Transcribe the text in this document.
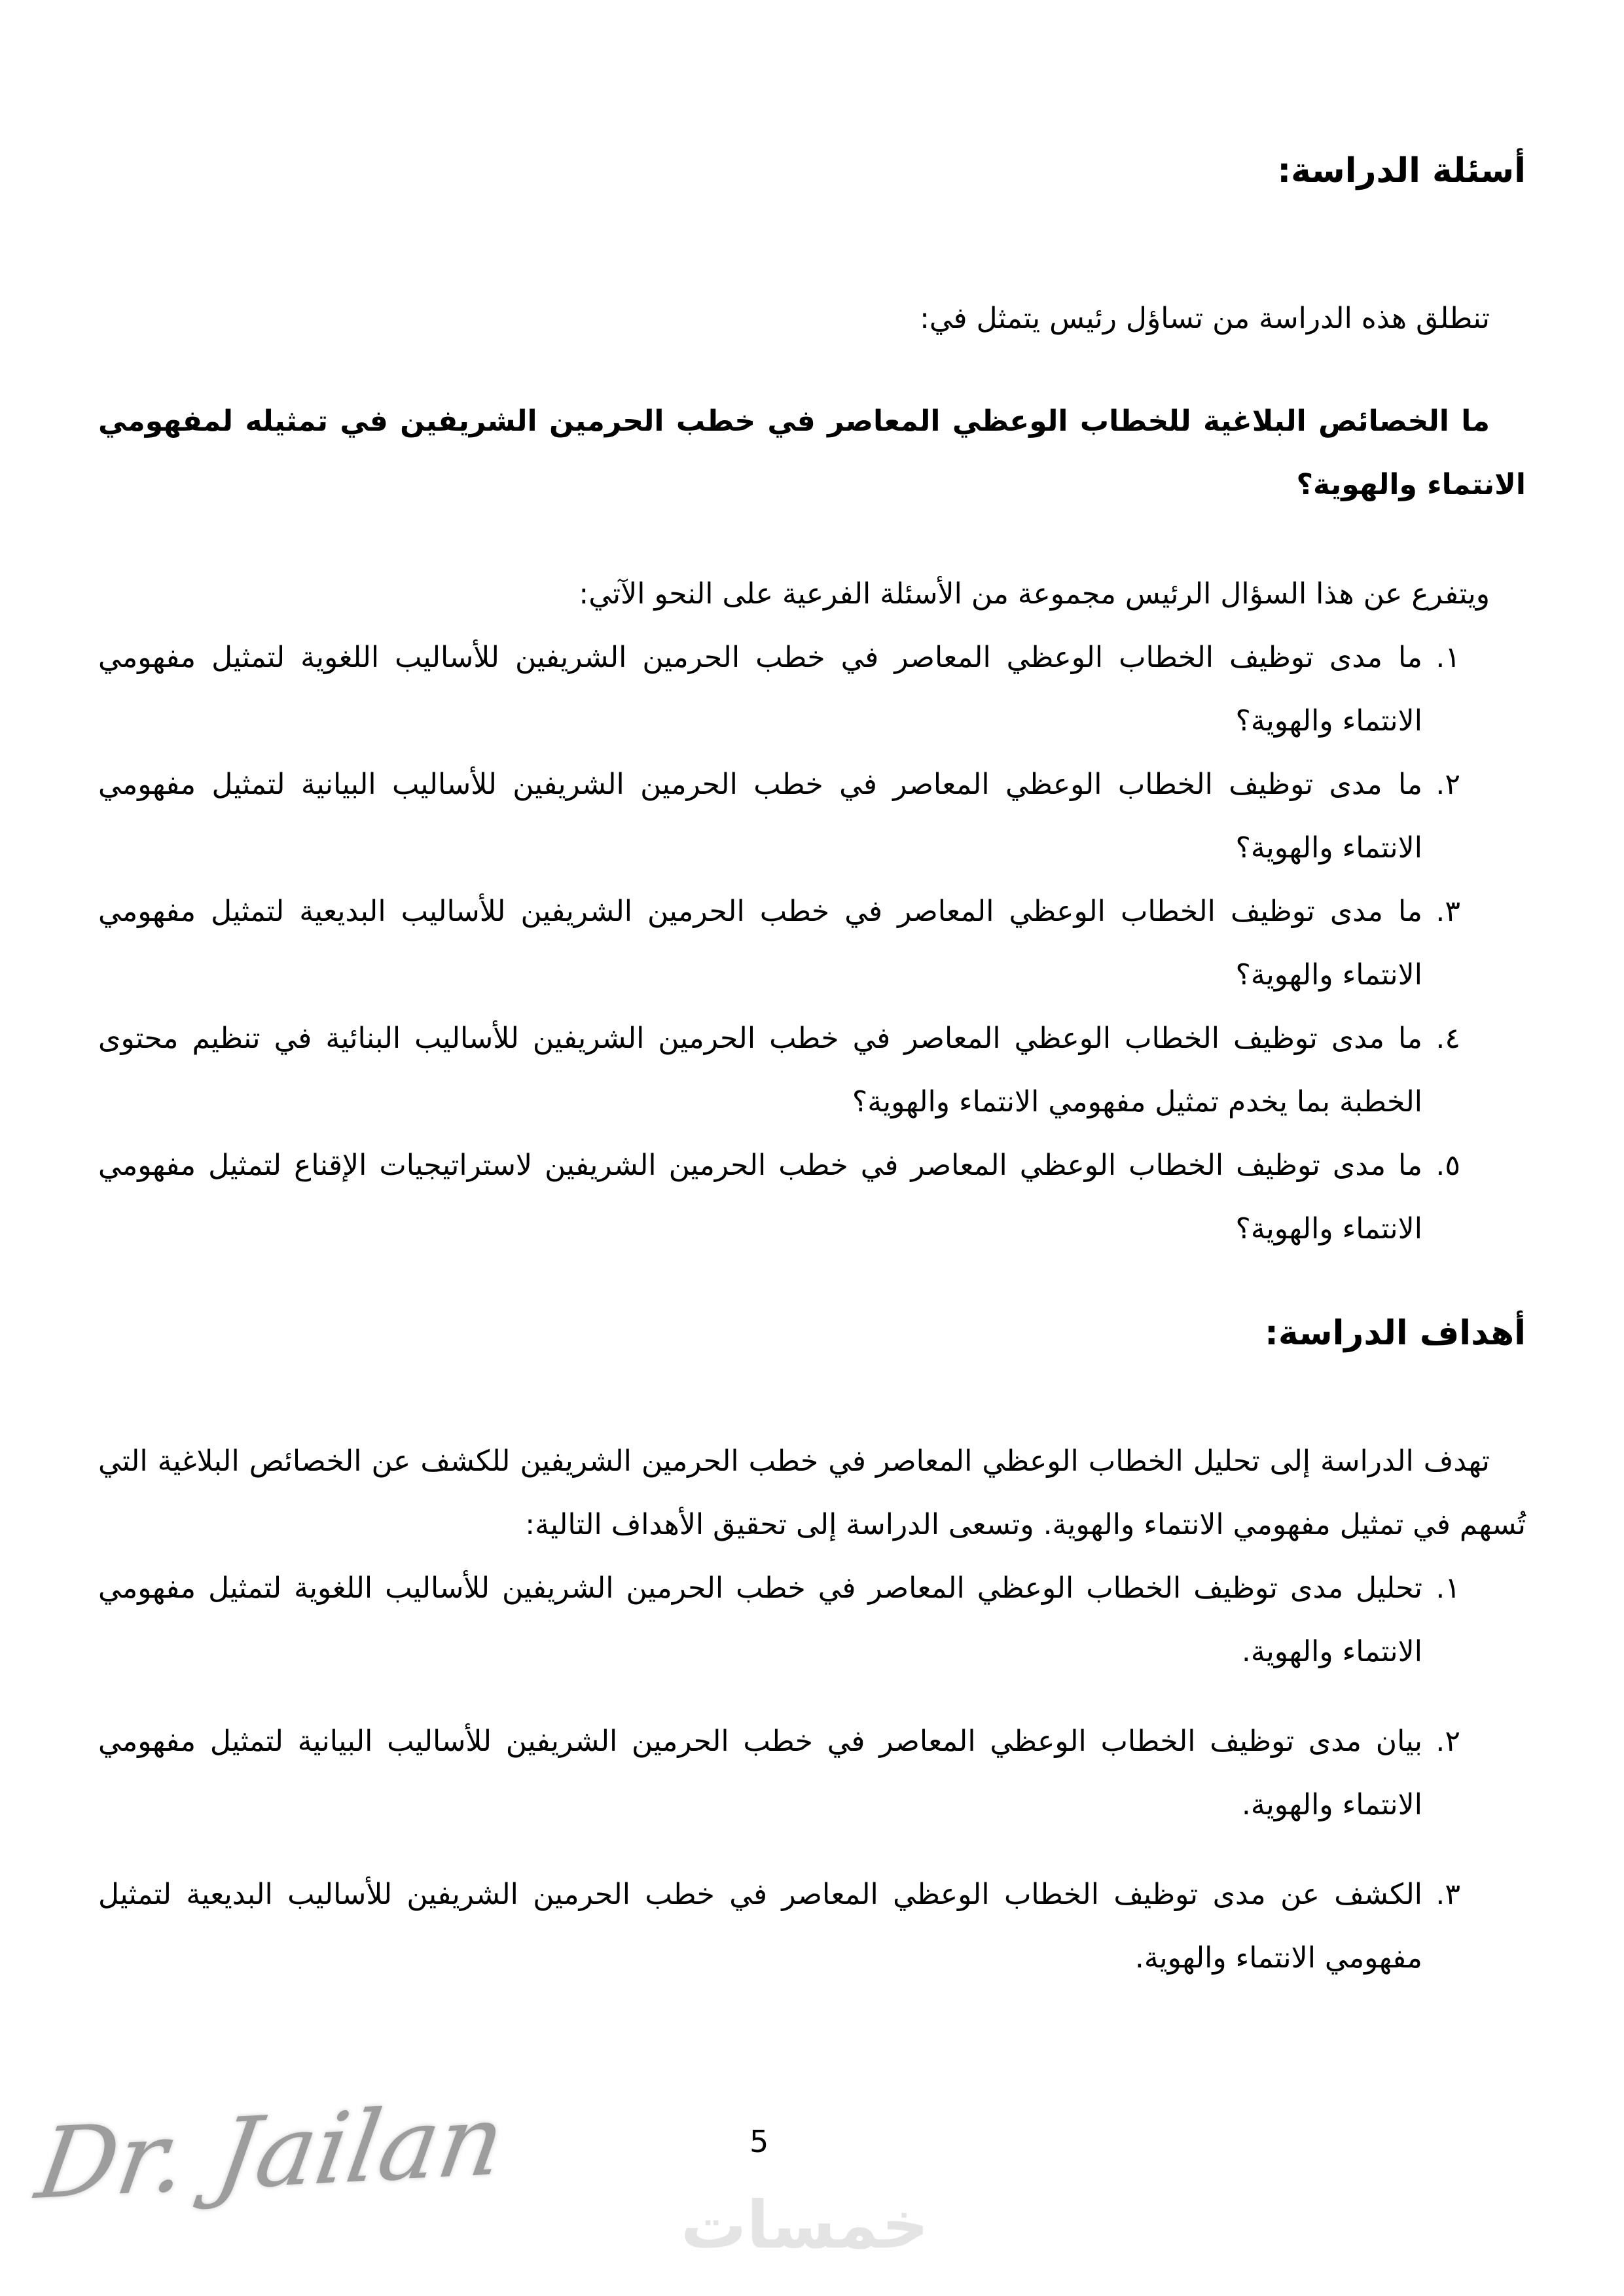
أسئلة الدراسة:

تنطلق هذه الدراسة من تساؤل رئيس يتمثل في:

ما الخصائص البلاغية للخطاب الوعظي المعاصر في خطب الحرمين الشريفين في تمثيله لمفهومي الانتماء والهوية؟

ويتفرع عن هذا السؤال الرئيس مجموعة من الأسئلة الفرعية على النحو الآتي:

١.
ما مدى توظيف الخطاب الوعظي المعاصر في خطب الحرمين الشريفين للأساليب اللغوية لتمثيل مفهومي الانتماء والهوية؟
٢.
ما مدى توظيف الخطاب الوعظي المعاصر في خطب الحرمين الشريفين للأساليب البيانية لتمثيل مفهومي الانتماء والهوية؟
٣.
ما مدى توظيف الخطاب الوعظي المعاصر في خطب الحرمين الشريفين للأساليب البديعية لتمثيل مفهومي الانتماء والهوية؟
٤.
ما مدى توظيف الخطاب الوعظي المعاصر في خطب الحرمين الشريفين للأساليب البنائية في تنظيم محتوى الخطبة بما يخدم تمثيل مفهومي الانتماء والهوية؟
٥.
ما مدى توظيف الخطاب الوعظي المعاصر في خطب الحرمين الشريفين لاستراتيجيات الإقناع لتمثيل مفهومي الانتماء والهوية؟
أهداف الدراسة:

تهدف الدراسة إلى تحليل الخطاب الوعظي المعاصر في خطب الحرمين الشريفين للكشف عن الخصائص البلاغية التي تُسهم في تمثيل مفهومي الانتماء والهوية. وتسعى الدراسة إلى تحقيق الأهداف التالية:

١.
تحليل مدى توظيف الخطاب الوعظي المعاصر في خطب الحرمين الشريفين للأساليب اللغوية لتمثيل مفهومي الانتماء والهوية.
٢.
بيان مدى توظيف الخطاب الوعظي المعاصر في خطب الحرمين الشريفين للأساليب البيانية لتمثيل مفهومي الانتماء والهوية.
٣.
الكشف عن مدى توظيف الخطاب الوعظي المعاصر في خطب الحرمين الشريفين للأساليب البديعية لتمثيل مفهومي الانتماء والهوية.
Dr. Jailan	5
خمسات
